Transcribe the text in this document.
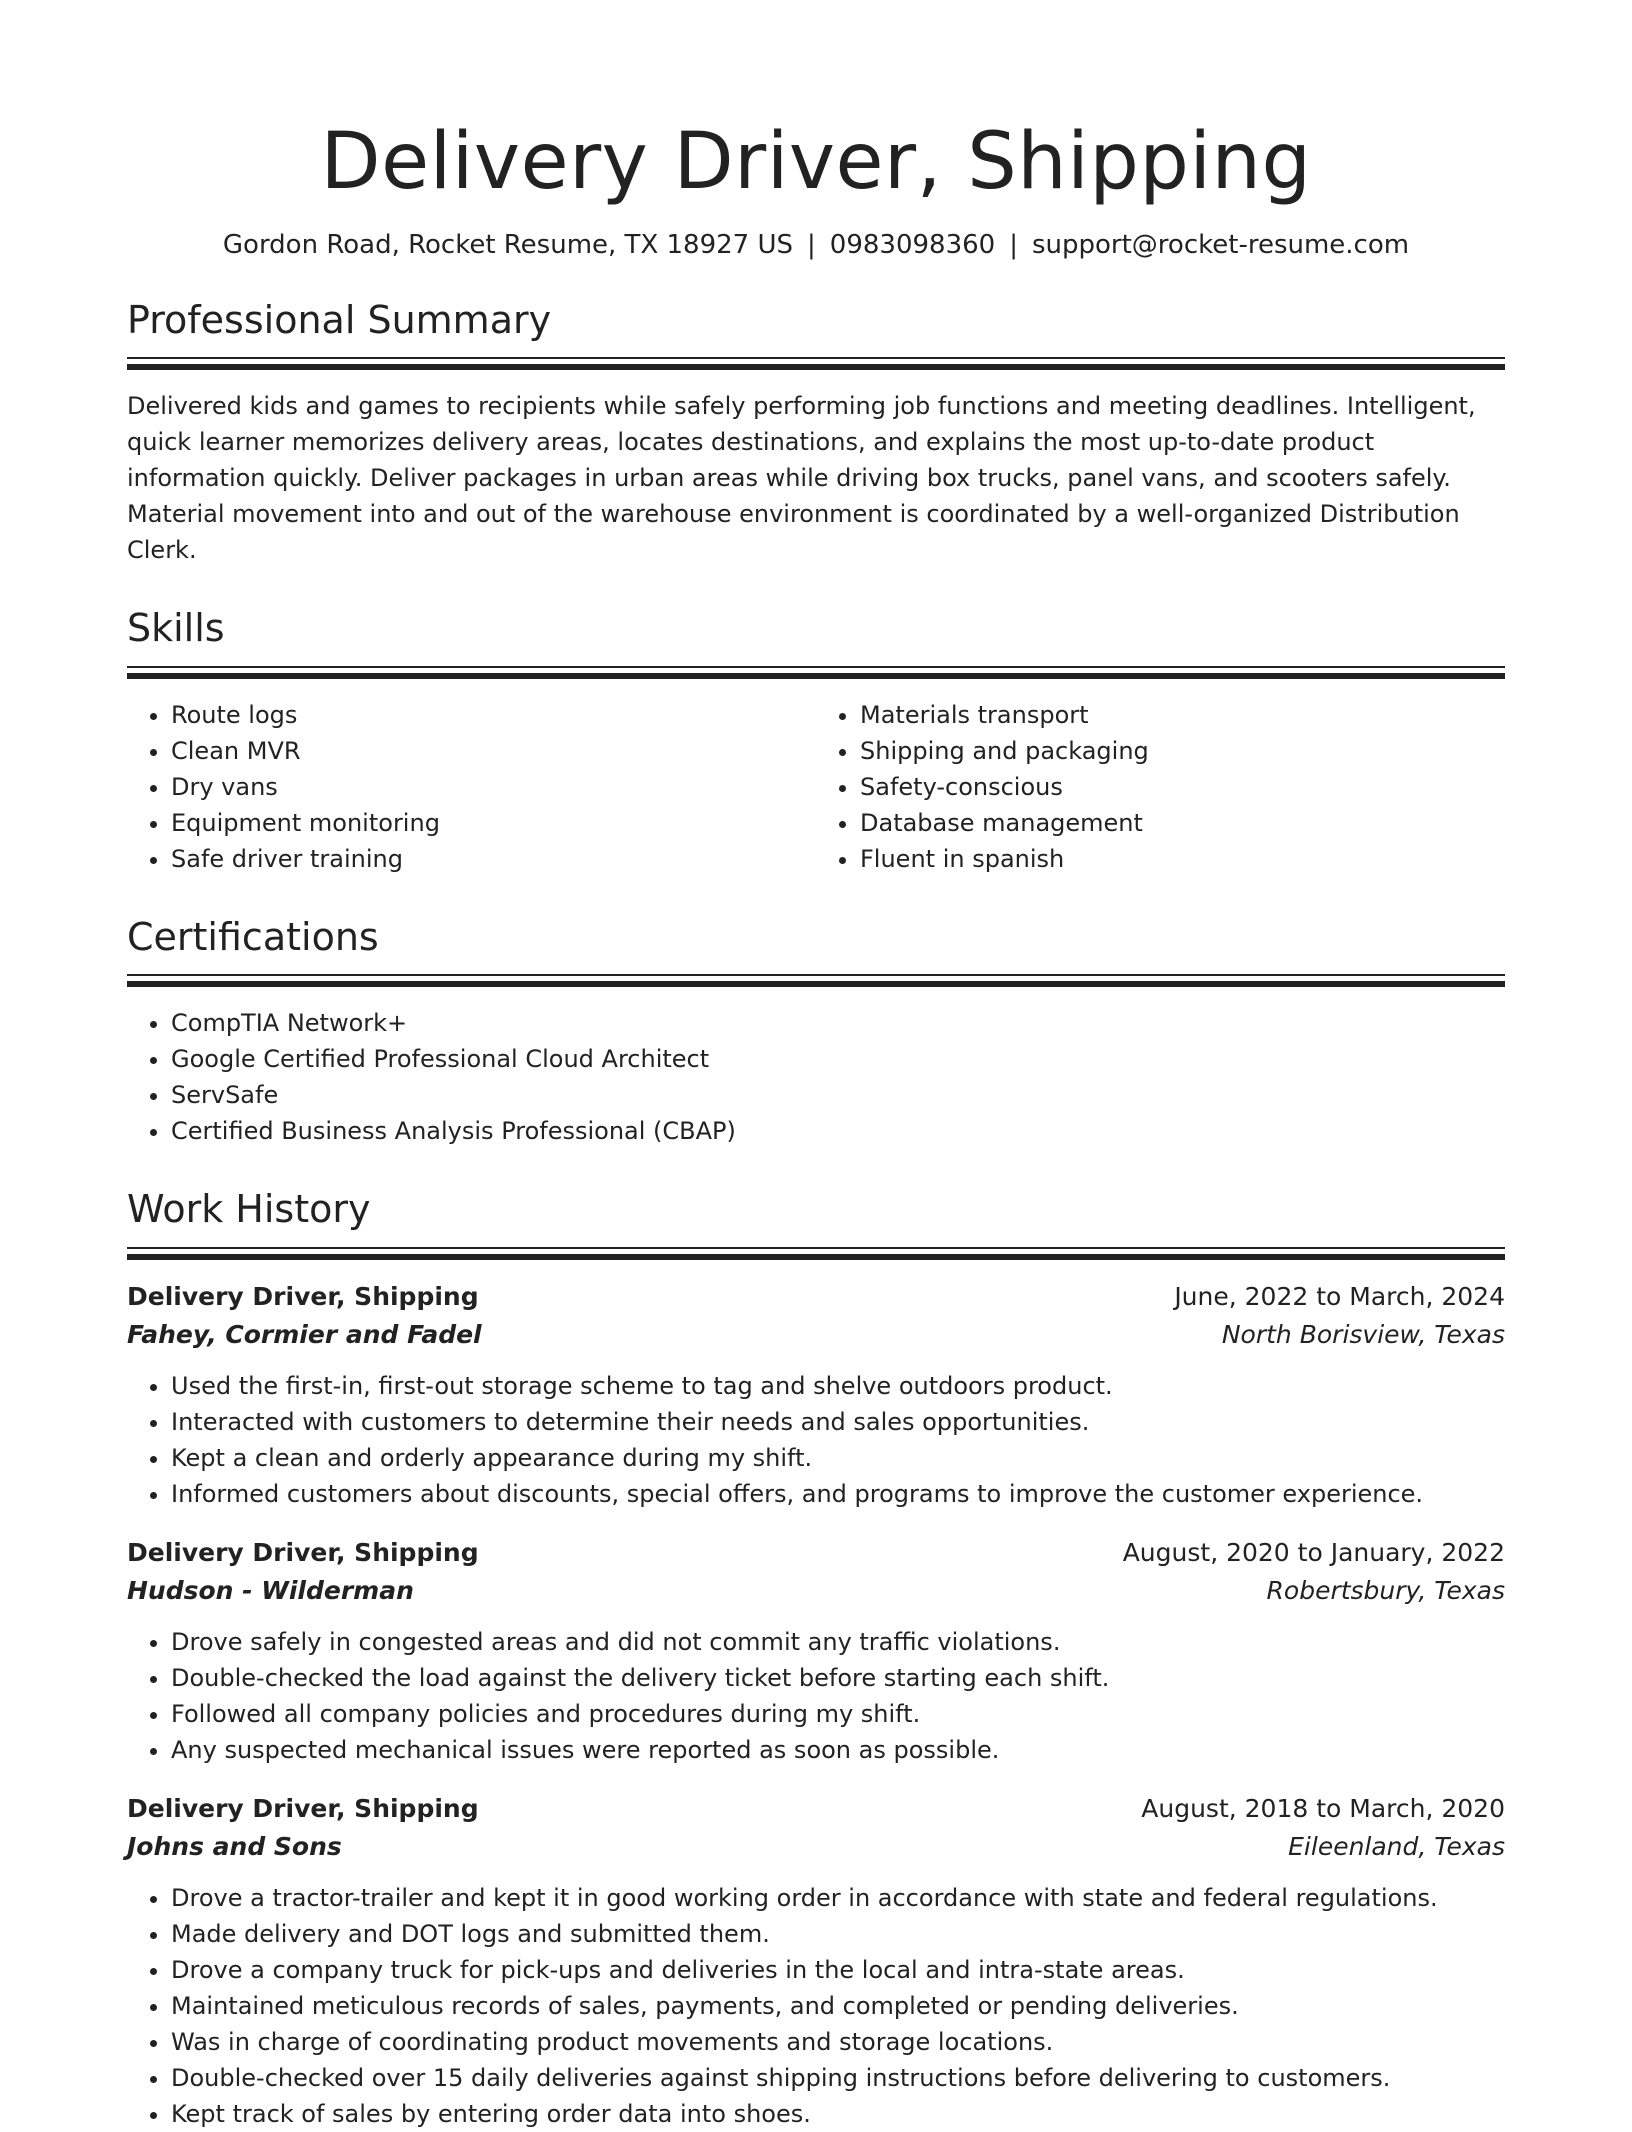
Delivery Driver, Shipping
Gordon Road, Rocket Resume, TX 18927 US | 0983098360 | support@rocket-resume.com
Professional Summary

Delivered kids and games to recipients while safely performing job functions and meeting deadlines. Intelligent, quick learner memorizes delivery areas, locates destinations, and explains the most up-to-date product information quickly. Deliver packages in urban areas while driving box trucks, panel vans, and scooters safely. Material movement into and out of the warehouse environment is coordinated by a well-organized Distribution Clerk.

Skills
• Route logs
• Clean MVR
• Dry vans
• Equipment monitoring
• Safe driver training
• Materials transport
• Shipping and packaging
• Safety-conscious
• Database management
• Fluent in spanish
Certifications
• CompTIA Network+
• Google Certified Professional Cloud Architect
• ServSafe
• Certified Business Analysis Professional (CBAP)
Work History
Delivery Driver, Shipping	June, 2022 to March, 2024
Fahey, Cormier and Fadel	North Borisview, Texas
• Used the first-in, first-out storage scheme to tag and shelve outdoors product.
• Interacted with customers to determine their needs and sales opportunities.
• Kept a clean and orderly appearance during my shift.
• Informed customers about discounts, special offers, and programs to improve the customer experience.
Delivery Driver, Shipping	August, 2020 to January, 2022
Hudson - Wilderman	Robertsbury, Texas
• Drove safely in congested areas and did not commit any traffic violations.
• Double-checked the load against the delivery ticket before starting each shift.
• Followed all company policies and procedures during my shift.
• Any suspected mechanical issues were reported as soon as possible.
Delivery Driver, Shipping	August, 2018 to March, 2020
Johns and Sons	Eileenland, Texas
• Drove a tractor-trailer and kept it in good working order in accordance with state and federal regulations.
• Made delivery and DOT logs and submitted them.
• Drove a company truck for pick-ups and deliveries in the local and intra-state areas.
• Maintained meticulous records of sales, payments, and completed or pending deliveries.
• Was in charge of coordinating product movements and storage locations.
• Double-checked over 15 daily deliveries against shipping instructions before delivering to customers.
• Kept track of sales by entering order data into shoes.
